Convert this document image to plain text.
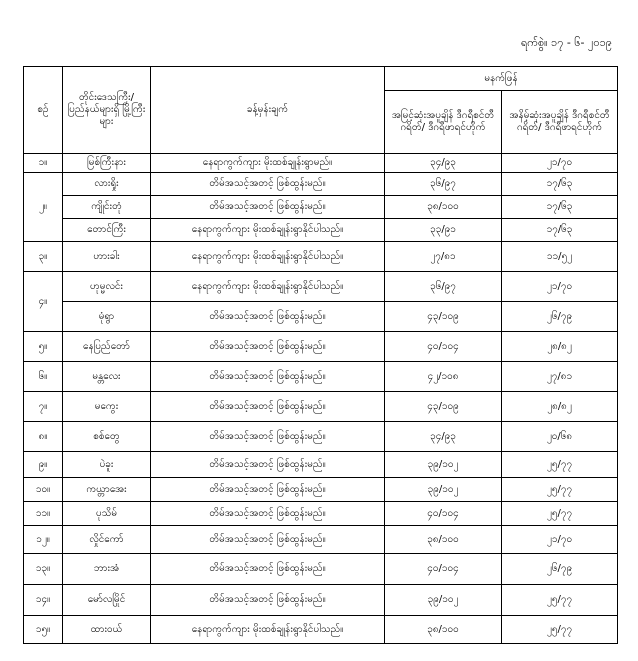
ရက်စွဲ။ ၁၇ - ၆- ၂၀၁၉
စဉ်	တိုင်းဒေသကြီး/ ပြည်နယ်များရှိ မြို့ကြီးများ	ခန့်မှန်းချက်	မနက်ဖြန်	
			အမြင့်ဆုံးအပူချိန် ဒီဂရီစင်တီဂရိတ်/ ဒီဂရီဖာရင်ဟိုက်	အနိမ့်ဆုံးအပူချိန် ဒီဂရီစင်တီဂရိတ်/ ဒီဂရီဖာရင်ဟိုက်
၁။	မြစ်ကြီးနား	နေရာကွက်ကျား မိုးထစ်ချုန်းရွာမည်။	၃၄/၉၃	၂၁/၇၀
၂။	လားရှိုး	တိမ်အသင့်အတင့် ဖြစ်ထွန်းမည်။	၃၆/၉၇	၁၇/၆၃
	ကျိုင်းတုံ	တိမ်အသင့်အတင့် ဖြစ်ထွန်းမည်။	၃၈/၁၀၀	၁၇/၆၃
	တောင်ကြီး	နေရာကွက်ကျား မိုးထစ်ချုန်းရွာနိုင်ပါသည်။	၃၃/၉၁	၁၇/၆၃
၃။	ဟားခါး	နေရာကွက်ကျား မိုးထစ်ချုန်းရွာနိုင်ပါသည်။	၂၇/၈၁	၁၁/၅၂
၄။	ဟုမ္မလင်း	နေရာကွက်ကျား မိုးထစ်ချုန်းရွာနိုင်ပါသည်။	၃၆/၉၇	၂၁/၇၀
	မုံရွာ	တိမ်အသင့်အတင့် ဖြစ်ထွန်းမည်။	၄၃/၁၀၉	၂၆/၇၉
၅။	နေပြည်တော်	တိမ်အသင့်အတင့် ဖြစ်ထွန်းမည်။	၄၀/၁၀၄	၂၈/၈၂
၆။	မန္တလေး	တိမ်အသင့်အတင့် ဖြစ်ထွန်းမည်။	၄၂/၁၀၈	၂၇/၈၁
၇။	မကွေး	တိမ်အသင့်အတင့် ဖြစ်ထွန်းမည်။	၄၃/၁၀၉	၂၈/၈၂
၈။	စစ်တွေ	တိမ်အသင့်အတင့် ဖြစ်ထွန်းမည်။	၃၄/၉၃	၂၀/၆၈
၉။	ပဲခူး	တိမ်အသင့်အတင့် ဖြစ်ထွန်းမည်။	၃၉/၁၀၂	၂၅/၇၇
၁၀။	ကယ္တာအေး	တိမ်အသင့်အတင့် ဖြစ်ထွန်းမည်။	၃၉/၁၀၂	၂၅/၇၇
၁၁။	ပုသိမ်	တိမ်အသင့်အတင့် ဖြစ်ထွန်းမည်။	၄၀/၁၀၄	၂၅/၇၇
၁၂။	လှိုင်ကော်	တိမ်အသင့်အတင့် ဖြစ်ထွန်းမည်။	၃၈/၁၀၀	၂၁/၇၀
၁၃။	ဘားအံ	တိမ်အသင့်အတင့် ဖြစ်ထွန်းမည်။	၄၀/၁၀၄	၂၆/၇၉
၁၄။	မော်လမြိုင်	တိမ်အသင့်အတင့် ဖြစ်ထွန်းမည်။	၃၉/၁၀၂	၂၅/၇၇
၁၅။	ထားဝယ်	နေရာကွက်ကျား မိုးထစ်ချုန်းရွာနိုင်ပါသည်။	၃၈/၁၀၀	၂၅/၇၇
